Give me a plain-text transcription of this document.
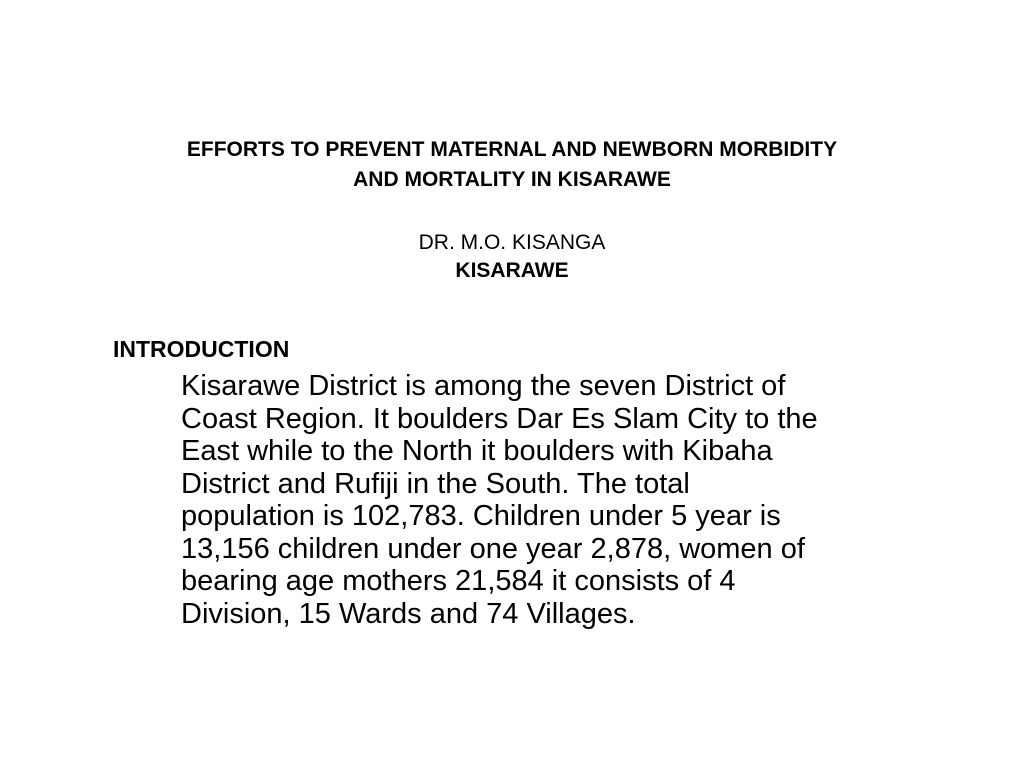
EFFORTS TO PREVENT MATERNAL AND NEWBORN MORBIDITY
AND MORTALITY IN KISARAWE
DR. M.O. KISANGA
KISARAWE
INTRODUCTION

Kisarawe District is among the seven District of
Coast Region. It boulders Dar Es Slam City to the
East while to the North it boulders with Kibaha
District and Rufiji in the South. The total
population is 102,783. Children under 5 year is
13,156 children under one year 2,878, women of
bearing age mothers 21,584 it consists of 4
Division, 15 Wards and 74 Villages.
